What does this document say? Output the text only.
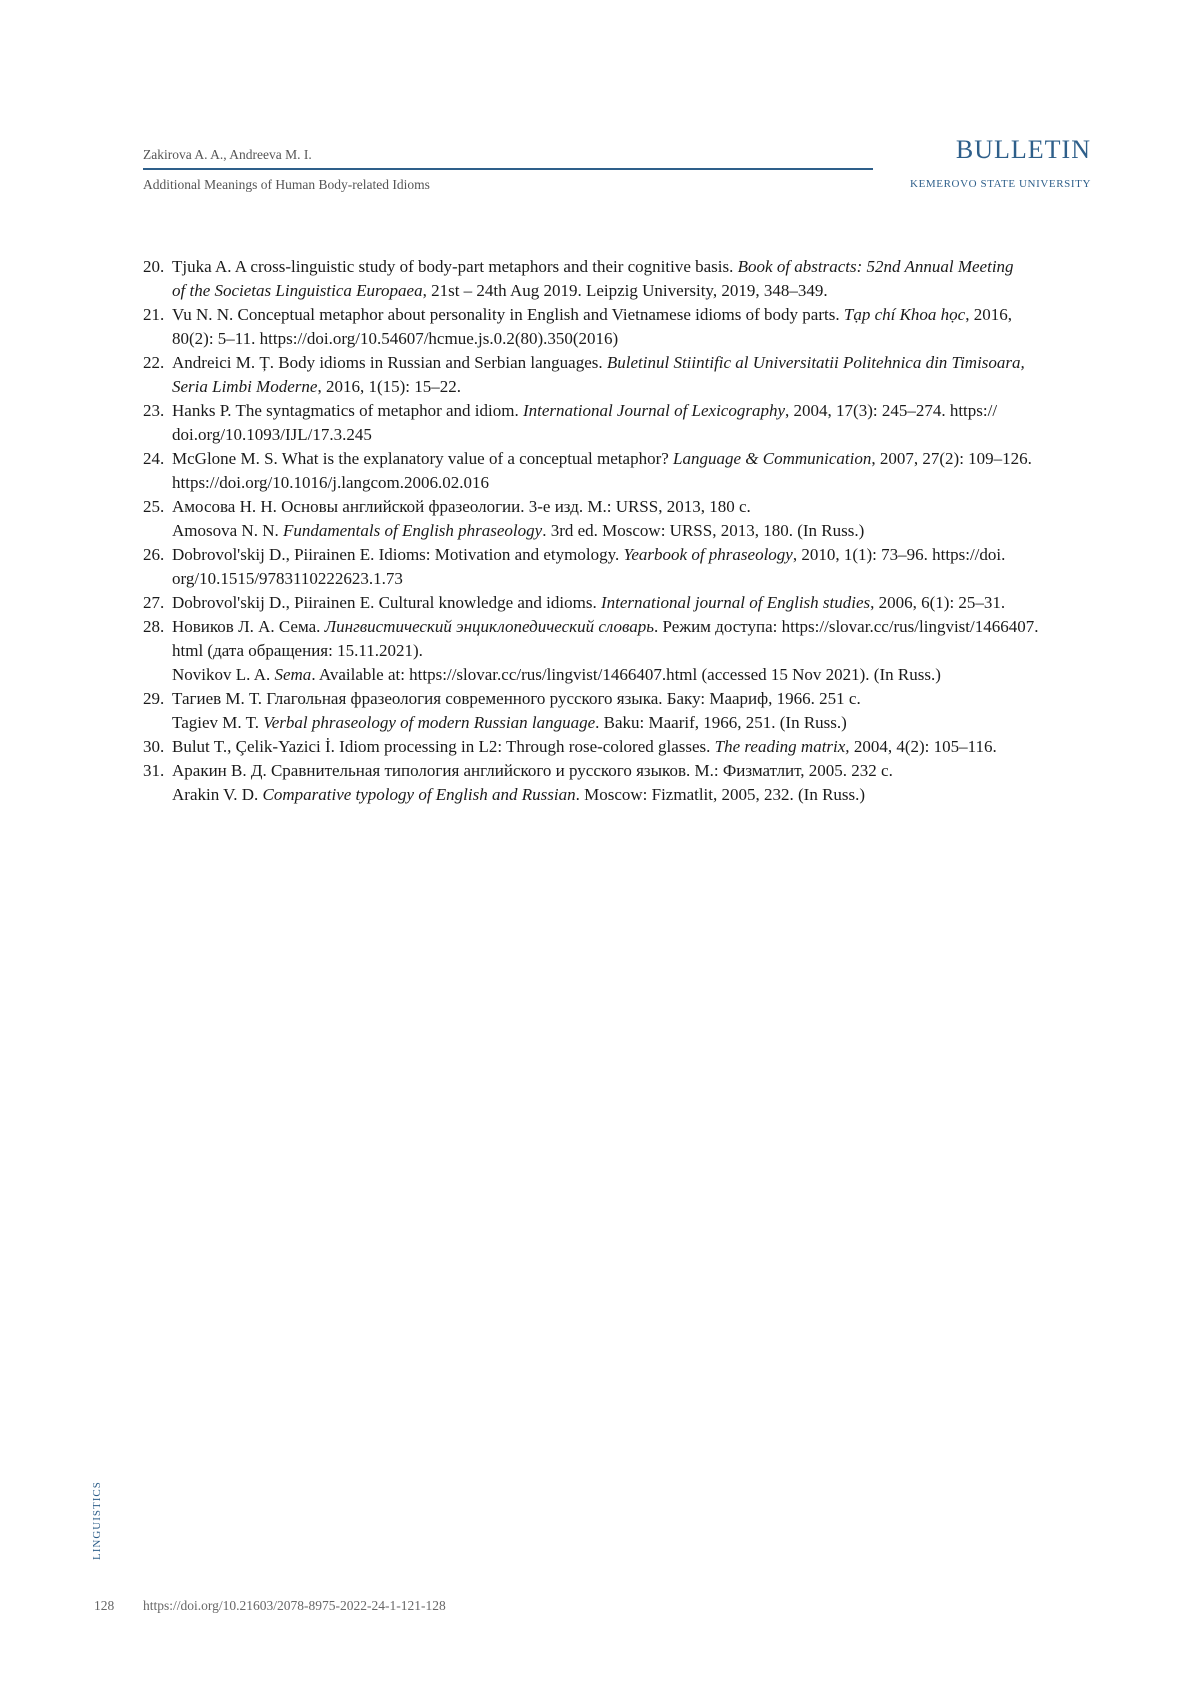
Zakirova A. A., Andreeva M. I.
Additional Meanings of Human Body-related Idioms
BULLETIN
KEMEROVO STATE UNIVERSITY
20. Tjuka A. A cross-linguistic study of body-part metaphors and their cognitive basis. Book of abstracts: 52nd Annual Meeting
of the Societas Linguistica Europaea, 21st – 24th Aug 2019. Leipzig University, 2019, 348–349.
21. Vu N. N. Conceptual metaphor about personality in English and Vietnamese idioms of body parts. Tạp chí Khoa học, 2016,
80(2): 5–11. https://doi.org/10.54607/hcmue.js.0.2(80).350(2016)
22. Andreici M. Ț. Body idioms in Russian and Serbian languages. Buletinul Stiintific al Universitatii Politehnica din Timisoara,
Seria Limbi Moderne, 2016, 1(15): 15–22.
23. Hanks P. The syntagmatics of metaphor and idiom. International Journal of Lexicography, 2004, 17(3): 245–274. https://
doi.org/10.1093/IJL/17.3.245
24. McGlone M. S. What is the explanatory value of a conceptual metaphor? Language & Communication, 2007, 27(2): 109–126.
https://doi.org/10.1016/j.langcom.2006.02.016
25. Амосова Н. Н. Основы английской фразеологии. 3-е изд. М.: URSS, 2013, 180 с.
Amosova N. N. Fundamentals of English phraseology. 3rd ed. Moscow: URSS, 2013, 180. (In Russ.)
26. Dobrovol'skij D., Piirainen E. Idioms: Motivation and etymology. Yearbook of phraseology, 2010, 1(1): 73–96. https://doi.
org/10.1515/9783110222623.1.73
27. Dobrovol'skij D., Piirainen E. Cultural knowledge and idioms. International journal of English studies, 2006, 6(1): 25–31.
28. Новиков Л. А. Сема. Лингвистический энциклопедический словарь. Режим доступа: https://slovar.cc/rus/lingvist/1466407.
html (дата обращения: 15.11.2021).
Novikov L. A. Sema. Available at: https://slovar.cc/rus/lingvist/1466407.html (accessed 15 Nov 2021). (In Russ.)
29. Тагиев М. Т. Глагольная фразеология современного русского языка. Баку: Маариф, 1966. 251 с.
Tagiev M. T. Verbal phraseology of modern Russian language. Baku: Maarif, 1966, 251. (In Russ.)
30. Bulut T., Çelik-Yazici İ. Idiom processing in L2: Through rose-colored glasses. The reading matrix, 2004, 4(2): 105–116.
31. Аракин В. Д. Сравнительная типология английского и русского языков. М.: Физматлит, 2005. 232 с.
Arakin V. D. Comparative typology of English and Russian. Moscow: Fizmatlit, 2005, 232. (In Russ.)
LINGUISTICS
128 https://doi.org/10.21603/2078-8975-2022-24-1-121-128
